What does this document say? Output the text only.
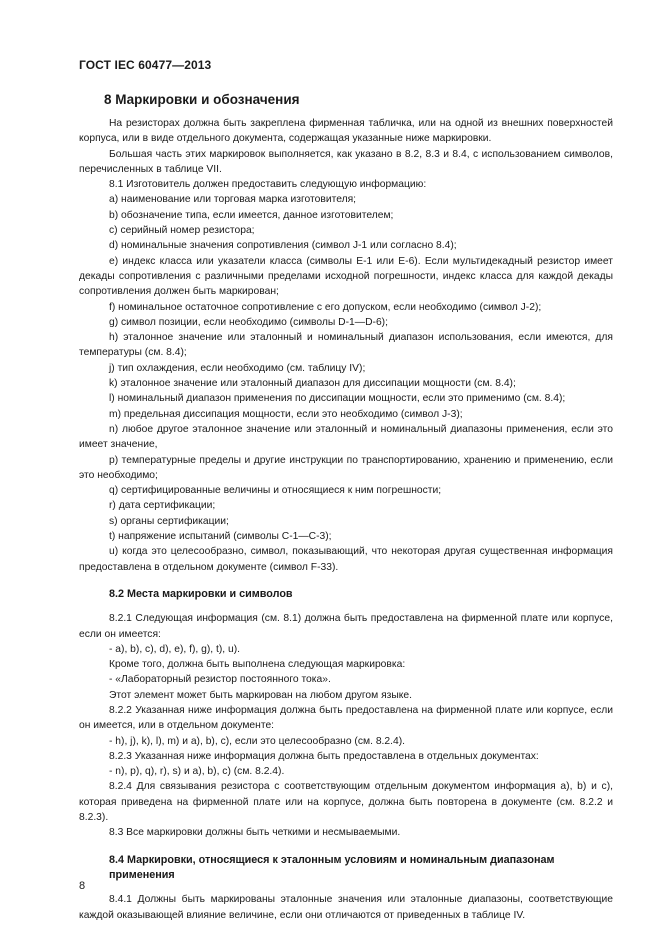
ГОСТ IEC 60477—2013
8 Маркировки и обозначения

На резисторах должна быть закреплена фирменная табличка, или на одной из внешних поверхностей корпуса, или в виде отдельного документа, содержащая указанные ниже маркировки.

Большая часть этих маркировок выполняется, как указано в 8.2, 8.3 и 8.4, с использованием символов, перечисленных в таблице VII.

8.1 Изготовитель должен предоставить следующую информацию:

a) наименование или торговая марка изготовителя;

b) обозначение типа, если имеется, данное изготовителем;

c) серийный номер резистора;

d) номинальные значения сопротивления (символ J-1 или согласно 8.4);

e) индекс класса или указатели класса (символы E-1 или E-6). Если мультидекадный резистор имеет декады сопротивления с различными пределами исходной погрешности, индекс класса для каждой декады сопротивления должен быть маркирован;

f) номинальное остаточное сопротивление с его допуском, если необходимо (символ J-2);

g) символ позиции, если необходимо (символы D-1—D-6);

h) эталонное значение или эталонный и номинальный диапазон использования, если имеются, для температуры (см. 8.4);

j) тип охлаждения, если необходимо (см. таблицу IV);

k) эталонное значение или эталонный диапазон для диссипации мощности (см. 8.4);

l) номинальный диапазон применения по диссипации мощности, если это применимо (см. 8.4);

m) предельная диссипация мощности, если это необходимо (символ J-3);

n) любое другое эталонное значение или эталонный и номинальный диапазоны применения, если это имеет значение,

p) температурные пределы и другие инструкции по транспортированию, хранению и применению, если это необходимо;

q) сертифицированные величины и относящиеся к ним погрешности;

r) дата сертификации;

s) органы сертификации;

t) напряжение испытаний (символы C-1—C-3);

u) когда это целесообразно, символ, показывающий, что некоторая другая существенная информация предоставлена в отдельном документе (символ F-33).

8.2 Места маркировки и символов

8.2.1 Следующая информация (см. 8.1) должна быть предоставлена на фирменной плате или корпусе, если он имеется:

- a), b), c), d), e), f), g), t), u).

Кроме того, должна быть выполнена следующая маркировка:

- «Лабораторный резистор постоянного тока».

Этот элемент может быть маркирован на любом другом языке.

8.2.2 Указанная ниже информация должна быть предоставлена на фирменной плате или корпусе, если он имеется, или в отдельном документе:

- h), j), k), l), m) и a), b), c), если это целесообразно (см. 8.2.4).

8.2.3 Указанная ниже информация должна быть предоставлена в отдельных документах:

- n), p), q), r), s) и a), b), c) (см. 8.2.4).

8.2.4 Для связывания резистора с соответствующим отдельным документом информация a), b) и c), которая приведена на фирменной плате или на корпусе, должна быть повторена в документе (см. 8.2.2 и 8.2.3).

8.3 Все маркировки должны быть четкими и несмываемыми.

8.4 Маркировки, относящиеся к эталонным условиям и номинальным диапазонам

применения

8.4.1 Должны быть маркированы эталонные значения или эталонные диапазоны, соответствующие каждой оказывающей влияние величине, если они отличаются от приведенных в таблице IV.

8
